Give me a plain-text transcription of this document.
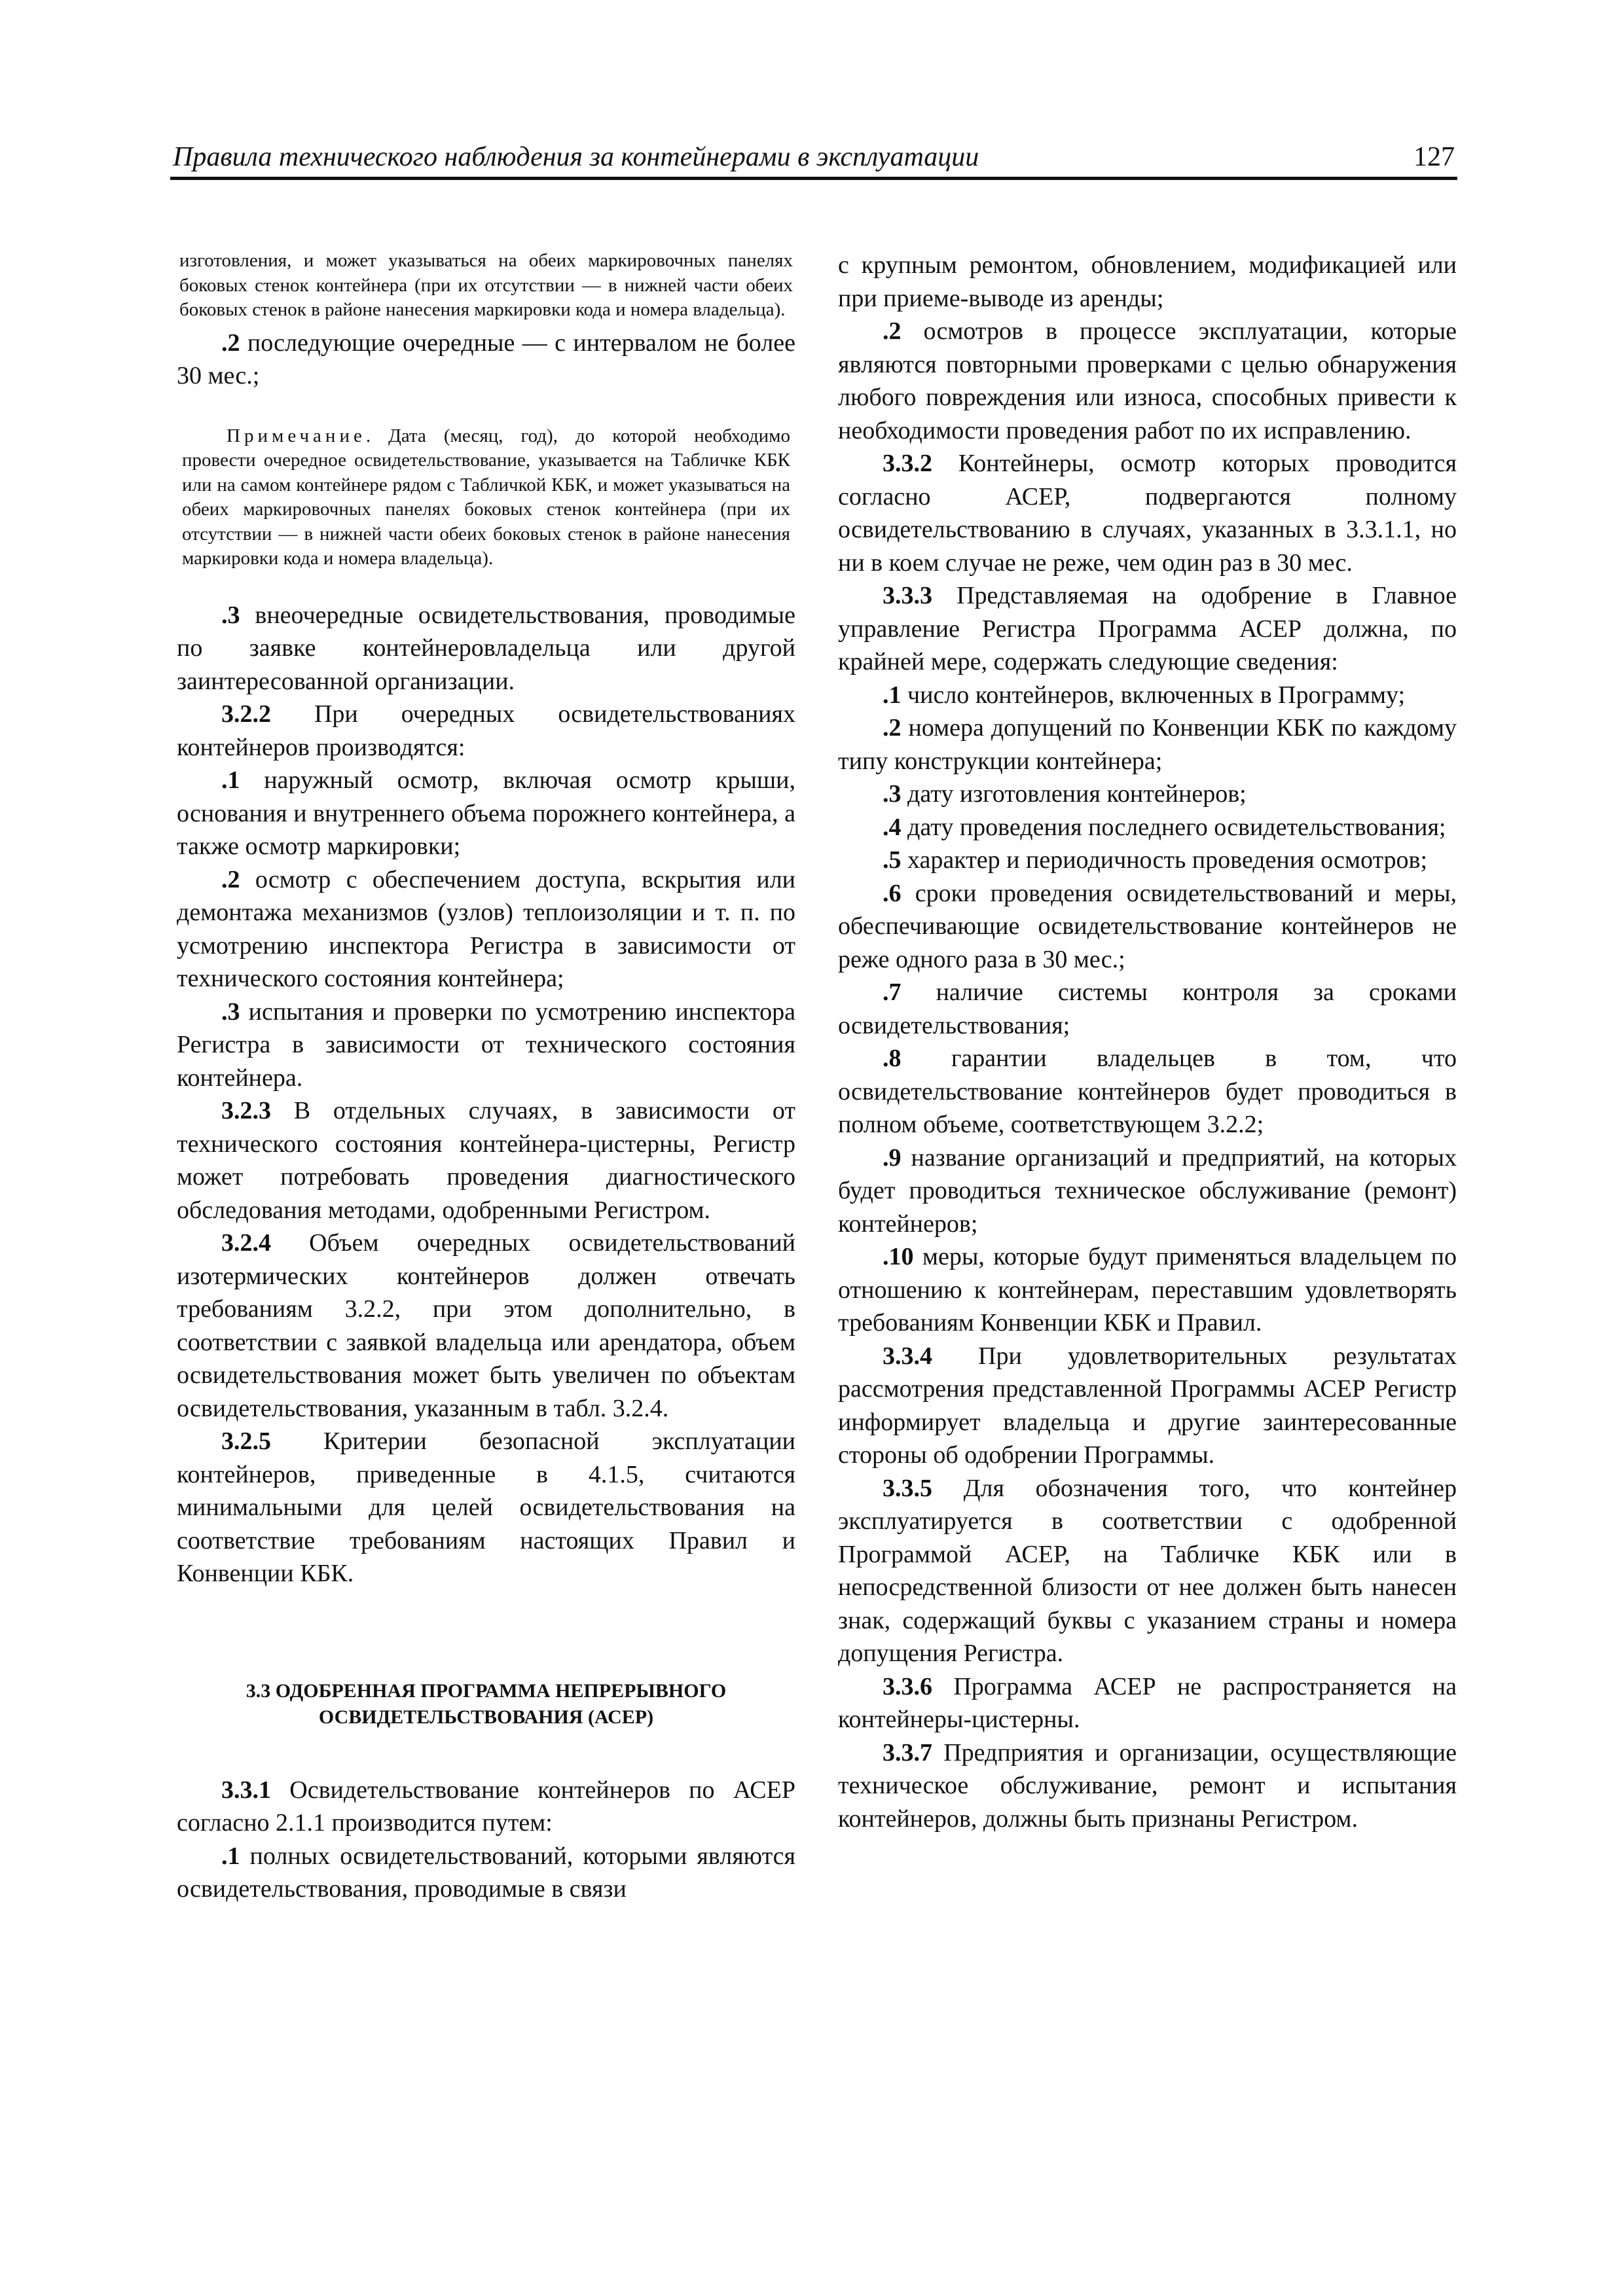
Правила технического наблюдения за контейнерами в эксплуатации	127

изготовления, и может указываться на обеих маркировочных панелях боковых стенок контейнера (при их отсутствии — в нижней части обеих боковых стенок в районе нанесения маркировки кода и номера владельца).

.2 последующие очередные — с интервалом не более 30 мес.;

Примечание. Дата (месяц, год), до которой необходимо провести очередное освидетельствование, указывается на Табличке КБК или на самом контейнере рядом с Табличкой КБК, и может указываться на обеих маркировочных панелях боковых стенок контейнера (при их отсутствии — в нижней части обеих боковых стенок в районе нанесения маркировки кода и номера владельца).

.3 внеочередные освидетельствования, проводимые по заявке контейнеровладельца или другой заинтересованной организации.

3.2.2 При очередных освидетельствованиях контейнеров производятся:

.1 наружный осмотр, включая осмотр крыши, основания и внутреннего объема порожнего контейнера, а также осмотр маркировки;

.2 осмотр с обеспечением доступа, вскрытия или демонтажа механизмов (узлов) теплоизоляции и т. п. по усмотрению инспектора Регистра в зависимости от технического состояния контейнера;

.3 испытания и проверки по усмотрению инспектора Регистра в зависимости от технического состояния контейнера.

3.2.3 В отдельных случаях, в зависимости от технического состояния контейнера-цистерны, Регистр может потребовать проведения диагностического обследования методами, одобренными Регистром.

3.2.4 Объем очередных освидетельствований изотермических контейнеров должен отвечать требованиям 3.2.2, при этом дополнительно, в соответствии с заявкой владельца или арендатора, объем освидетельствования может быть увеличен по объектам освидетельствования, указанным в табл. 3.2.4.

3.2.5 Критерии безопасной эксплуатации контейнеров, приведенные в 4.1.5, считаются минимальными для целей освидетельствования на соответствие требованиям настоящих Правил и Конвенции КБК.

3.3 ОДОБРЕННАЯ ПРОГРАММА НЕПРЕРЫВНОГО

ОСВИДЕТЕЛЬСТВОВАНИЯ (АСЕР)

3.3.1 Освидетельствование контейнеров по АСЕР согласно 2.1.1 производится путем:

.1 полных освидетельствований, которыми являются освидетельствования, проводимые в связи

с крупным ремонтом, обновлением, модификацией или при приеме-выводе из аренды;

.2 осмотров в процессе эксплуатации, которые являются повторными проверками с целью обнаружения любого повреждения или износа, способных привести к необходимости проведения работ по их исправлению.

3.3.2 Контейнеры, осмотр которых проводится согласно АСЕР, подвергаются полному освидетельствованию в случаях, указанных в 3.3.1.1, но ни в коем случае не реже, чем один раз в 30 мес.

3.3.3 Представляемая на одобрение в Главное управление Регистра Программа АСЕР должна, по крайней мере, содержать следующие сведения:

.1 число контейнеров, включенных в Программу;

.2 номера допущений по Конвенции КБК по каждому типу конструкции контейнера;

.3 дату изготовления контейнеров;

.4 дату проведения последнего освидетельствования;

.5 характер и периодичность проведения осмотров;

.6 сроки проведения освидетельствований и меры, обеспечивающие освидетельствование контейнеров не реже одного раза в 30 мес.;

.7 наличие системы контроля за сроками освидетельствования;

.8 гарантии владельцев в том, что освидетельствование контейнеров будет проводиться в полном объеме, соответствующем 3.2.2;

.9 название организаций и предприятий, на которых будет проводиться техническое обслуживание (ремонт) контейнеров;

.10 меры, которые будут применяться владельцем по отношению к контейнерам, переставшим удовлетворять требованиям Конвенции КБК и Правил.

3.3.4 При удовлетворительных результатах рассмотрения представленной Программы АСЕР Регистр информирует владельца и другие заинтересованные стороны об одобрении Программы.

3.3.5 Для обозначения того, что контейнер эксплуатируется в соответствии с одобренной Программой АСЕР, на Табличке КБК или в непосредственной близости от нее должен быть нанесен знак, содержащий буквы с указанием страны и номера допущения Регистра.

3.3.6 Программа АСЕР не распространяется на контейнеры-цистерны.

3.3.7 Предприятия и организации, осуществляющие техническое обслуживание, ремонт и испытания контейнеров, должны быть признаны Регистром.
